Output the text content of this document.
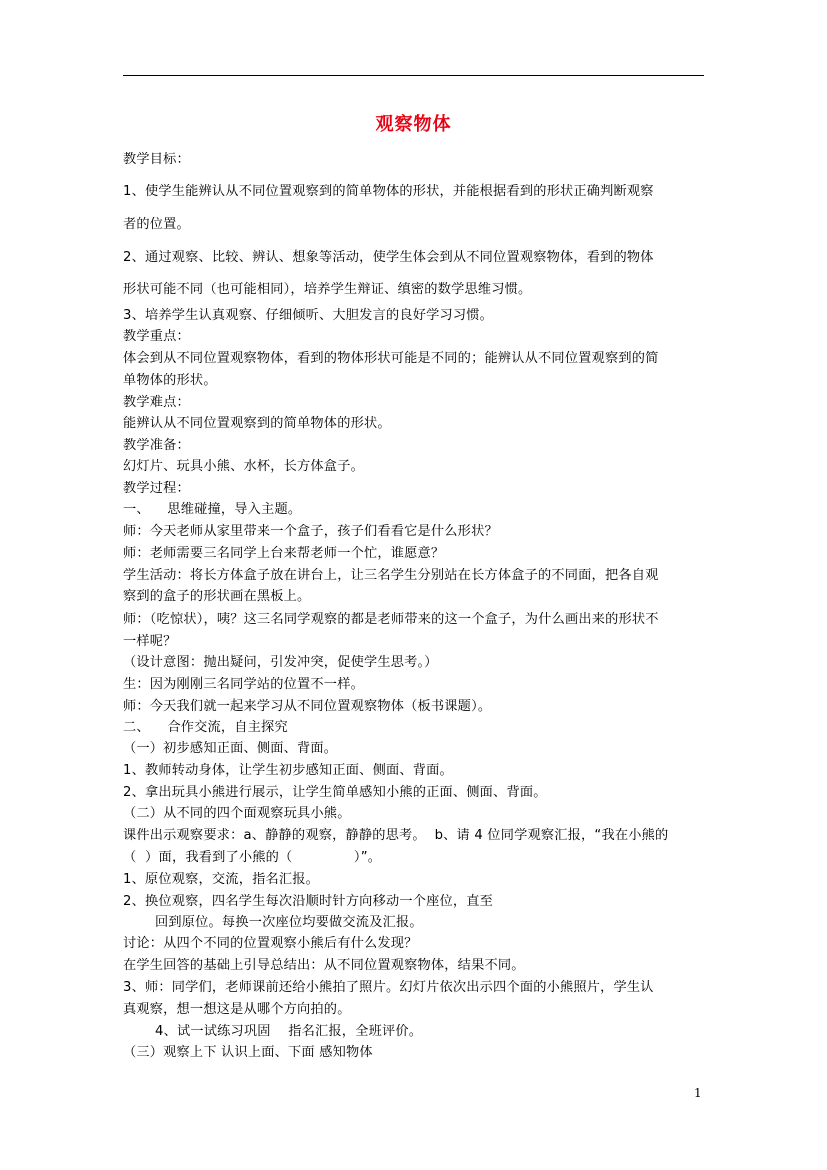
观察物体
教学目标：
1、使学生能辨认从不同位置观察到的简单物体的形状，并能根据看到的形状正确判断观察
者的位置。
2、通过观察、比较、辨认、想象等活动，使学生体会到从不同位置观察物体，看到的物体
形状可能不同（也可能相同），培养学生辩证、缜密的数学思维习惯。
3、培养学生认真观察、仔细倾听、大胆发言的良好学习习惯。
教学重点：
体会到从不同位置观察物体，看到的物体形状可能是不同的；能辨认从不同位置观察到的简
单物体的形状。
教学难点：
能辨认从不同位置观察到的简单物体的形状。
教学准备：
幻灯片、玩具小熊、水杯，长方体盒子。
教学过程：
一、    思维碰撞，导入主题。
师：今天老师从家里带来一个盒子，孩子们看看它是什么形状？
师：老师需要三名同学上台来帮老师一个忙，谁愿意？
学生活动：将长方体盒子放在讲台上，让三名学生分别站在长方体盒子的不同面，把各自观
察到的盒子的形状画在黑板上。
师：（吃惊状），咦？这三名同学观察的都是老师带来的这一个盒子，为什么画出来的形状不
一样呢？
（设计意图：抛出疑问，引发冲突，促使学生思考。）
生：因为刚刚三名同学站的位置不一样。
师：今天我们就一起来学习从不同位置观察物体（板书课题）。
二、    合作交流，自主探究
（一）初步感知正面、侧面、背面。
1、教师转动身体，让学生初步感知正面、侧面、背面。
2、拿出玩具小熊进行展示，让学生简单感知小熊的正面、侧面、背面。
（二）从不同的四个面观察玩具小熊。
课件出示观察要求：a、静静的观察，静静的思考。  b、请 4 位同学观察汇报，“我在小熊的
（  ）面，我看到了小熊的（              ）”。
1、原位观察，交流，指名汇报。
2、换位观察，四名学生每次沿顺时针方向移动一个座位，直至
回到原位。每换一次座位均要做交流及汇报。
讨论：从四个不同的位置观察小熊后有什么发现？
在学生回答的基础上引导总结出：从不同位置观察物体，结果不同。
3、师：同学们，老师课前还给小熊拍了照片。幻灯片依次出示四个面的小熊照片，学生认
真观察，想一想这是从哪个方向拍的。
4、试一试练习巩固    指名汇报，全班评价。
（三）观察上下 认识上面、下面 感知物体
1
